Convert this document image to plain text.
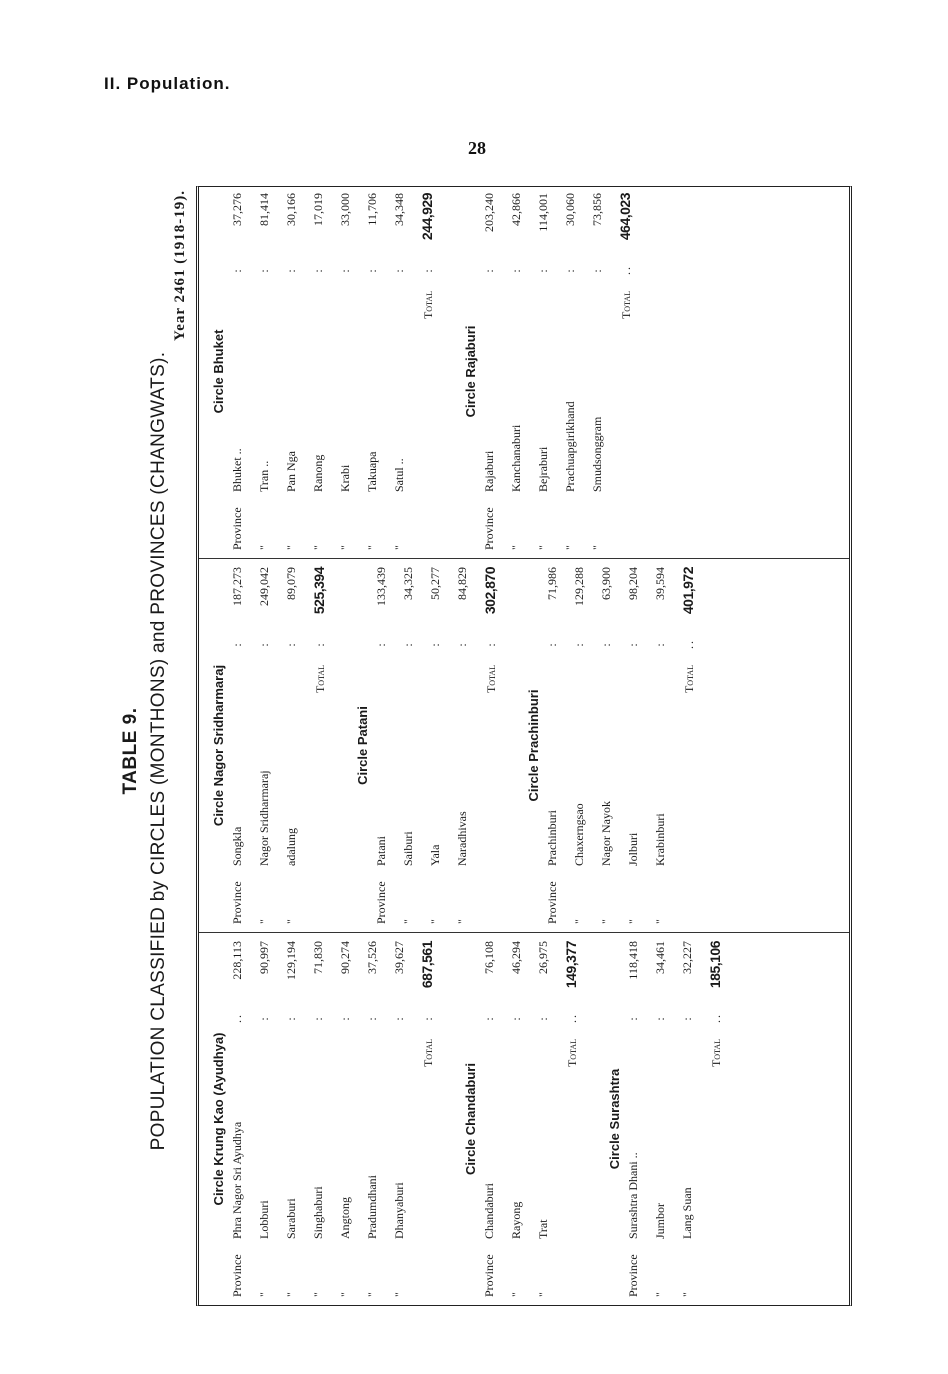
II. Population.
28
TABLE 9. POPULATION CLASSIFIED by CIRCLES (MONTHONS) and PROVINCES (CHANGWATS).
Year 2461 (1918-19).
Circle Krung Kao (Ayudhya)
Province
Phra Nagor Sri Ayudhya
..
228,113
"
Lobburi
:
90,997
"
Saraburi
:
129,194
"
Singhaburi
:
71,830
"
Angtong
:
90,274
"
Pradumdhani
:
37,526
"
Dhanyaburi
:
39,627
Total
:
687,561
Circle Chandaburi
Province
Chandaburi
:
76,108
"
Rayong
:
46,294
"
Trat
:
26,975
Total
..
149,377
Circle Surashtra
Province
Surashtra Dhani ..
:
118,418
"
Jumbor
:
34,461
"
Lang Suan
:
32,227
Total
..
185,106
Circle Nagor Sridharmaraj
Province
Songkla
:
187,273
"
Nagor Sridharmaraj
:
249,042
"
adalung
:
89,079
Total
:
525,394
Circle Patani
Province
Patani
:
133,439
"
Saiburi
:
34,325
"
Yala
:
50,277
"
Naradhivas
:
84,829
Total
:
302,870
Circle Prachinburi
Province
Prachinburi
:
71,986
"
Chaxerngsao
:
129,288
"
Nagor Nayok
:
63,900
"
Jolburi
:
98,204
"
Krabinburi
:
39,594
Total
..
401,972
Circle Bhuket
Province
Bhuket ..
:
37,276
"
Tran ..
:
81,414
"
Pan Nga
:
30,166
"
Ranong
:
17,019
"
Krabi
:
33,000
"
Takuapa
:
11,706
"
Satul ..
:
34,348
Total
:
244,929
Circle Rajaburi
Province
Rajaburi
:
203,240
"
Kanchanaburi
:
42,866
"
Bejraburi
:
114,001
"
Prachuapgirikhand
:
30,060
"
Smudsonggram
:
73,856
Total
..
464,023
